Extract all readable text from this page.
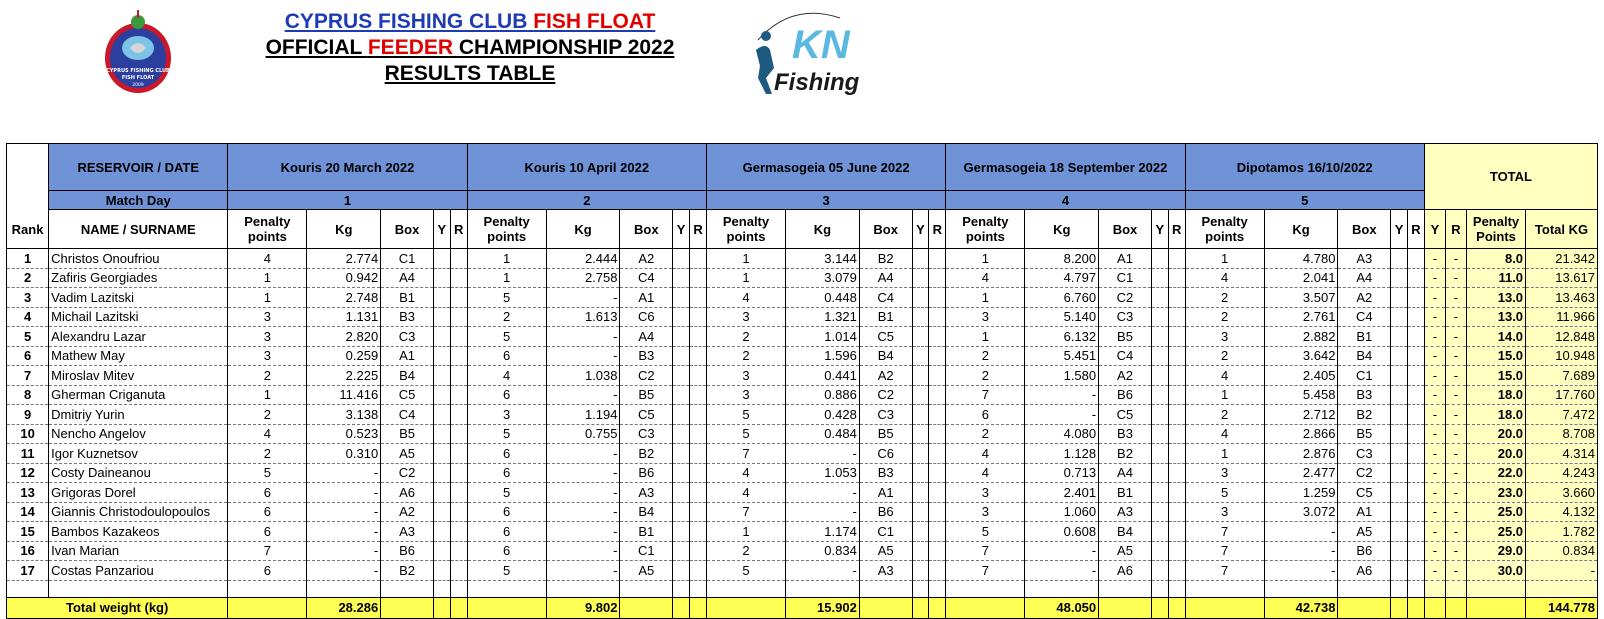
CYPRUS FISHING CLUB FISH FLOAT
OFFICIAL FEEDER CHAMPIONSHIP 2022
RESULTS TABLE
CYPRUS FISHING CLUB
FISH FLOAT
2009
KN
Fishing
Rank	RESERVOIR / DATE	Kouris 20 March 2022					Kouris 10 April 2022					Germasogeia 05 June 2022					Germasogeia 18 September 2022					Dipotamos 16/10/2022					TOTAL			
	Match Day	1					2					3					4					5								
	NAME / SURNAME	Penalty points	Kg	Box	Y	R	Penalty points	Kg	Box	Y	R	Penalty points	Kg	Box	Y	R	Penalty points	Kg	Box	Y	R	Penalty points	Kg	Box	Y	R	Y	R	Penalty Points	Total KG
1	Christos Onoufriou	4	2.774	C1			1	2.444	A2			1	3.144	B2			1	8.200	A1			1	4.780	A3			-	-	8.0	21.342
2	Zafiris Georgiades	1	0.942	A4			1	2.758	C4			1	3.079	A4			4	4.797	C1			4	2.041	A4			-	-	11.0	13.617
3	Vadim Lazitski	1	2.748	B1			5	-	A1			4	0.448	C4			1	6.760	C2			2	3.507	A2			-	-	13.0	13.463
4	Michail Lazitski	3	1.131	B3			2	1.613	C6			3	1.321	B1			3	5.140	C3			2	2.761	C4			-	-	13.0	11.966
5	Alexandru Lazar	3	2.820	C3			5	-	A4			2	1.014	C5			1	6.132	B5			3	2.882	B1			-	-	14.0	12.848
6	Mathew May	3	0.259	A1			6	-	B3			2	1.596	B4			2	5.451	C4			2	3.642	B4			-	-	15.0	10.948
7	Miroslav Mitev	2	2.225	B4			4	1.038	C2			3	0.441	A2			2	1.580	A2			4	2.405	C1			-	-	15.0	7.689
8	Gherman Criganuta	1	11.416	C5			6	-	B5			3	0.886	C2			7	-	B6			1	5.458	B3			-	-	18.0	17.760
9	Dmitriy Yurin	2	3.138	C4			3	1.194	C5			5	0.428	C3			6	-	C5			2	2.712	B2			-	-	18.0	7.472
10	Nencho Angelov	4	0.523	B5			5	0.755	C3			5	0.484	B5			2	4.080	B3			4	2.866	B5			-	-	20.0	8.708
11	Igor Kuznetsov	2	0.310	A5			6	-	B2			7	-	C6			4	1.128	B2			1	2.876	C3			-	-	20.0	4.314
12	Costy Daineanou	5	-	C2			6	-	B6			4	1.053	B3			4	0.713	A4			3	2.477	C2			-	-	22.0	4.243
13	Grigoras Dorel	6	-	A6			5	-	A3			4	-	A1			3	2.401	B1			5	1.259	C5			-	-	23.0	3.660
14	Giannis Christodoulopoulos	6	-	A2			6	-	B4			7	-	B6			3	1.060	A3			3	3.072	A1			-	-	25.0	4.132
15	Bambos Kazakeos	6	-	A3			6	-	B1			1	1.174	C1			5	0.608	B4			7	-	A5			-	-	25.0	1.782
16	Ivan Marian	7	-	B6			6	-	C1			2	0.834	A5			7	-	A5			7	-	B6			-	-	29.0	0.834
17	Costas Panzariou	6	-	B2			5	-	A5			5	-	A3			7	-	A6			7	-	A6			-	-	30.0	-

Total weight (kg)			28.286					9.802					15.902					48.050					42.738							144.778
